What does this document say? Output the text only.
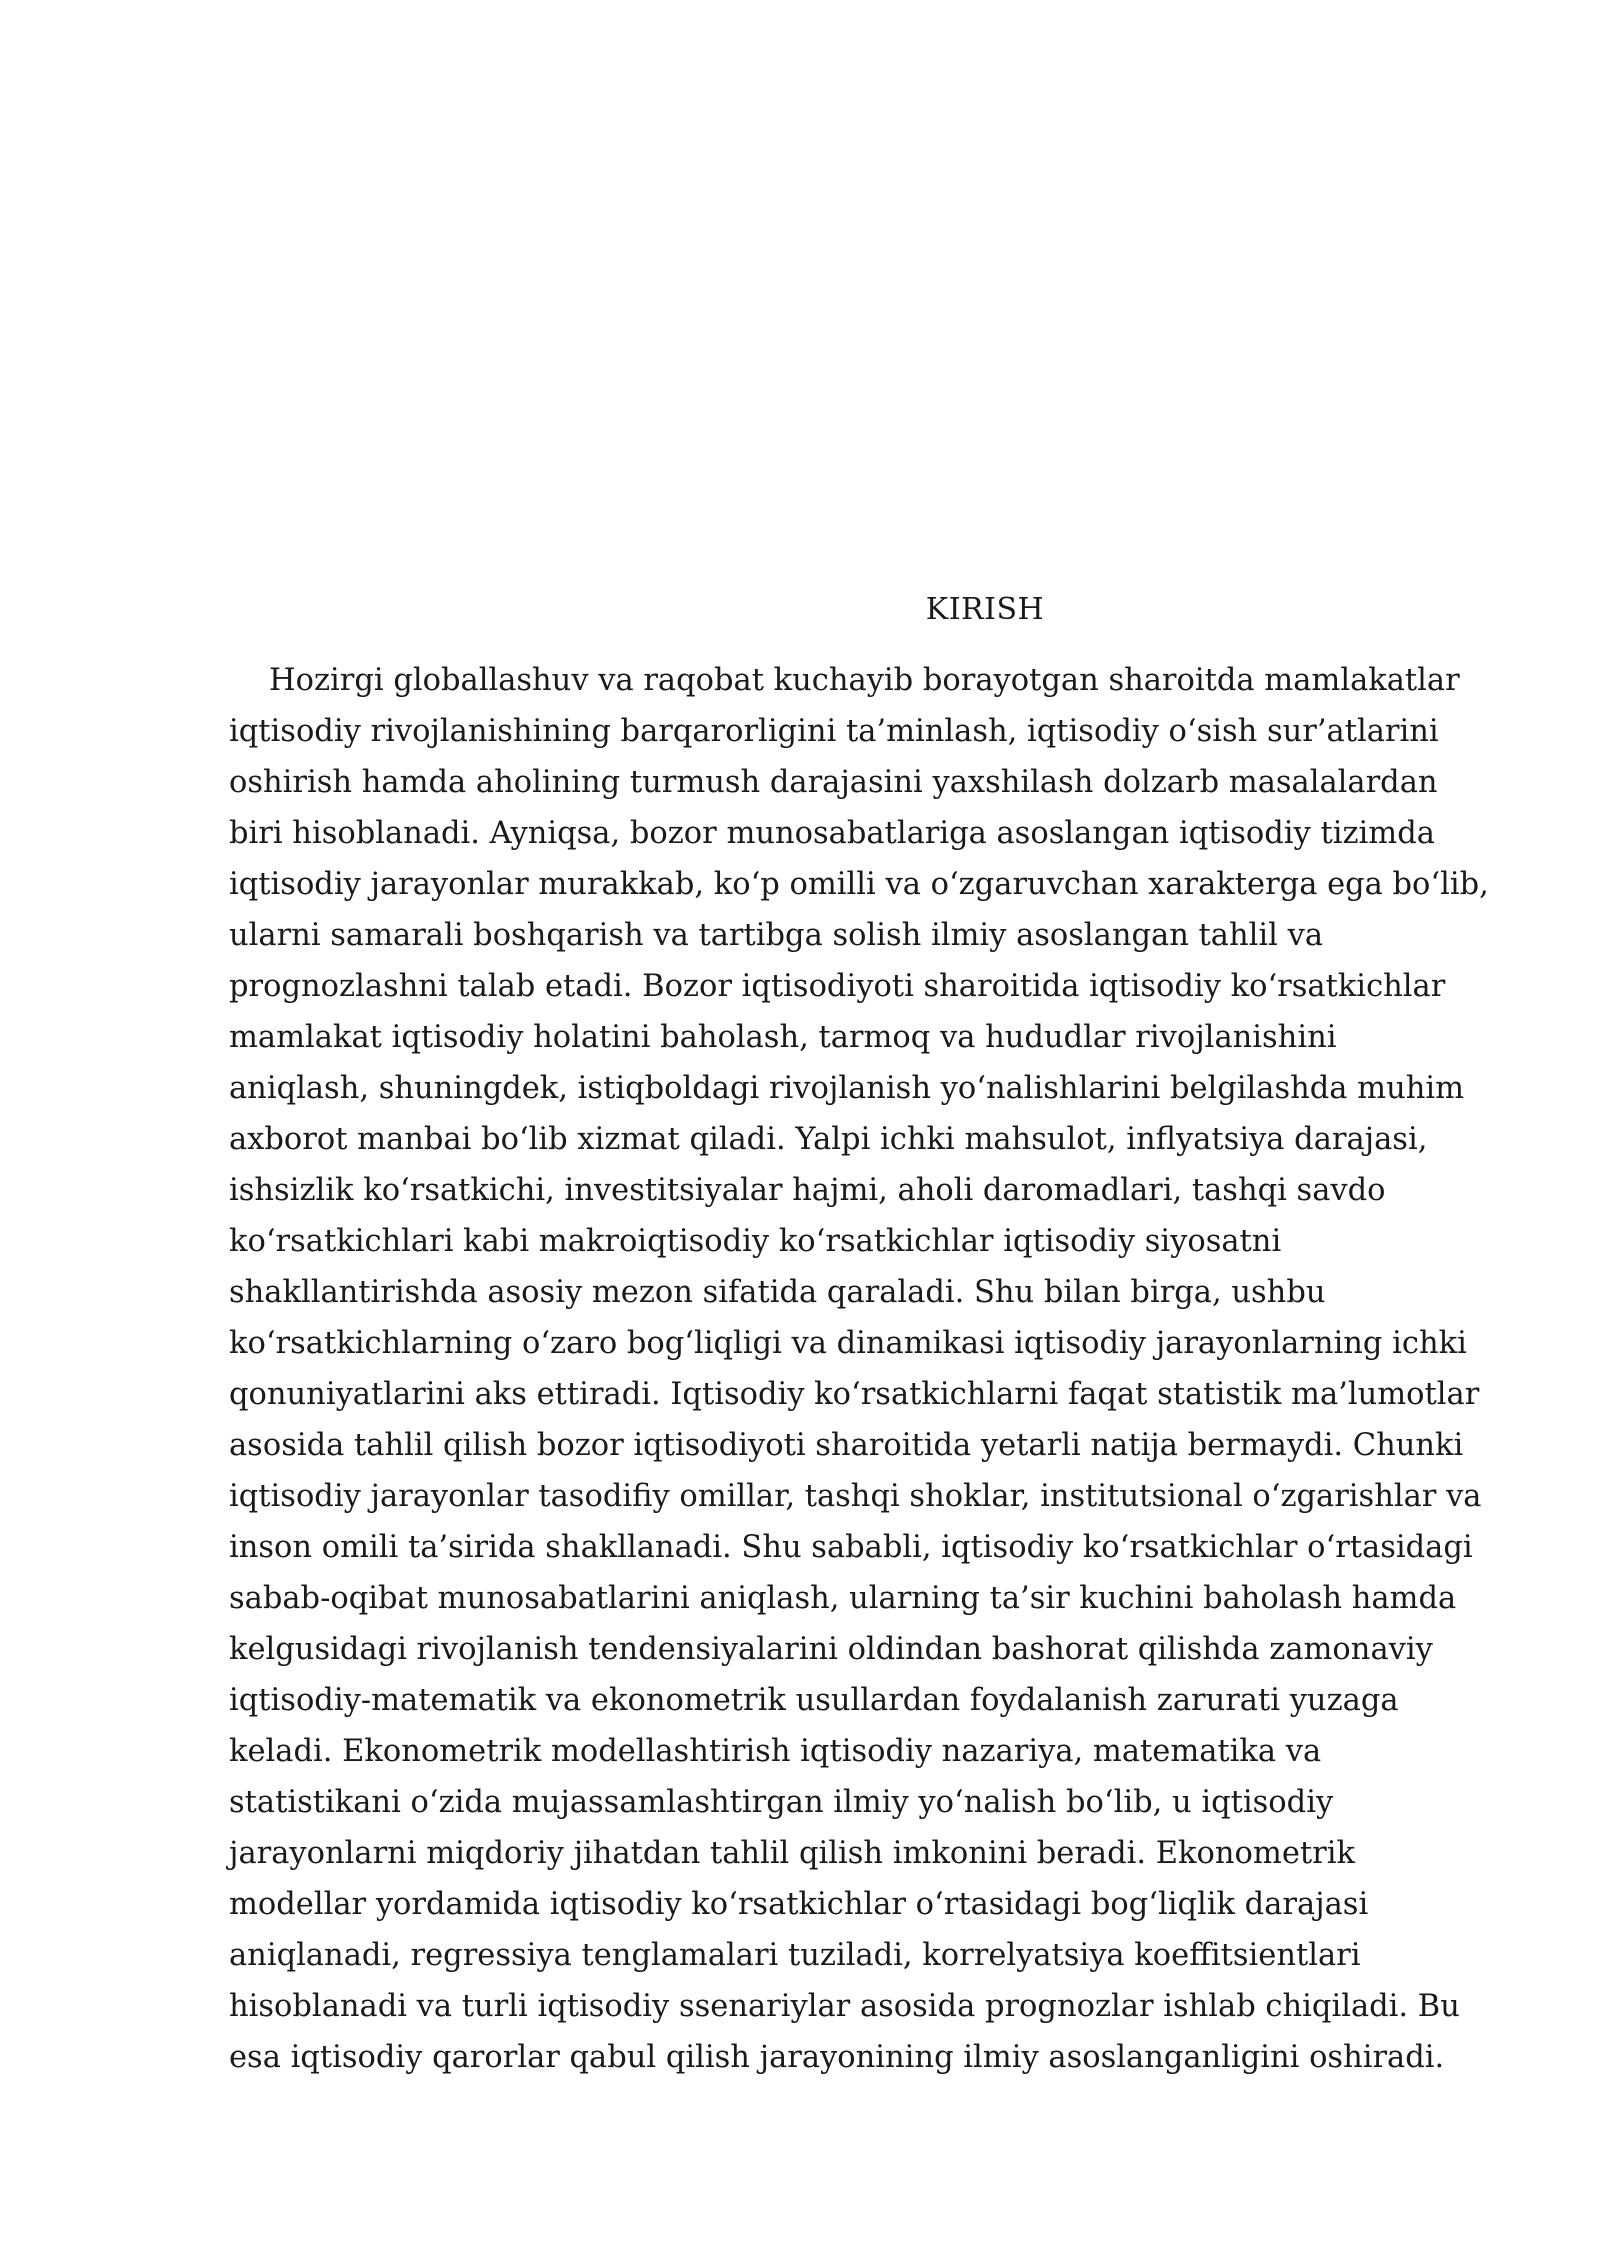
KIRISH
Hozirgi globallashuv va raqobat kuchayib borayotgan sharoitda mamlakatlar
iqtisodiy rivojlanishining barqarorligini ta’minlash, iqtisodiy o‘sish sur’atlarini
oshirish hamda aholining turmush darajasini yaxshilash dolzarb masalalardan
biri hisoblanadi. Ayniqsa, bozor munosabatlariga asoslangan iqtisodiy tizimda
iqtisodiy jarayonlar murakkab, ko‘p omilli va o‘zgaruvchan xarakterga ega bo‘lib,
ularni samarali boshqarish va tartibga solish ilmiy asoslangan tahlil va
prognozlashni talab etadi. Bozor iqtisodiyoti sharoitida iqtisodiy ko‘rsatkichlar
mamlakat iqtisodiy holatini baholash, tarmoq va hududlar rivojlanishini
aniqlash, shuningdek, istiqboldagi rivojlanish yo‘nalishlarini belgilashda muhim
axborot manbai bo‘lib xizmat qiladi. Yalpi ichki mahsulot, inflyatsiya darajasi,
ishsizlik ko‘rsatkichi, investitsiyalar hajmi, aholi daromadlari, tashqi savdo
ko‘rsatkichlari kabi makroiqtisodiy ko‘rsatkichlar iqtisodiy siyosatni
shakllantirishda asosiy mezon sifatida qaraladi. Shu bilan birga, ushbu
ko‘rsatkichlarning o‘zaro bog‘liqligi va dinamikasi iqtisodiy jarayonlarning ichki
qonuniyatlarini aks ettiradi. Iqtisodiy ko‘rsatkichlarni faqat statistik ma’lumotlar
asosida tahlil qilish bozor iqtisodiyoti sharoitida yetarli natija bermaydi. Chunki
iqtisodiy jarayonlar tasodifiy omillar, tashqi shoklar, institutsional o‘zgarishlar va
inson omili ta’sirida shakllanadi. Shu sababli, iqtisodiy ko‘rsatkichlar o‘rtasidagi
sabab-oqibat munosabatlarini aniqlash, ularning ta’sir kuchini baholash hamda
kelgusidagi rivojlanish tendensiyalarini oldindan bashorat qilishda zamonaviy
iqtisodiy-matematik va ekonometrik usullardan foydalanish zarurati yuzaga
keladi. Ekonometrik modellashtirish iqtisodiy nazariya, matematika va
statistikani o‘zida mujassamlashtirgan ilmiy yo‘nalish bo‘lib, u iqtisodiy
jarayonlarni miqdoriy jihatdan tahlil qilish imkonini beradi. Ekonometrik
modellar yordamida iqtisodiy ko‘rsatkichlar o‘rtasidagi bog‘liqlik darajasi
aniqlanadi, regressiya tenglamalari tuziladi, korrelyatsiya koeffitsientlari
hisoblanadi va turli iqtisodiy ssenariylar asosida prognozlar ishlab chiqiladi. Bu
esa iqtisodiy qarorlar qabul qilish jarayonining ilmiy asoslanganligini oshiradi.
